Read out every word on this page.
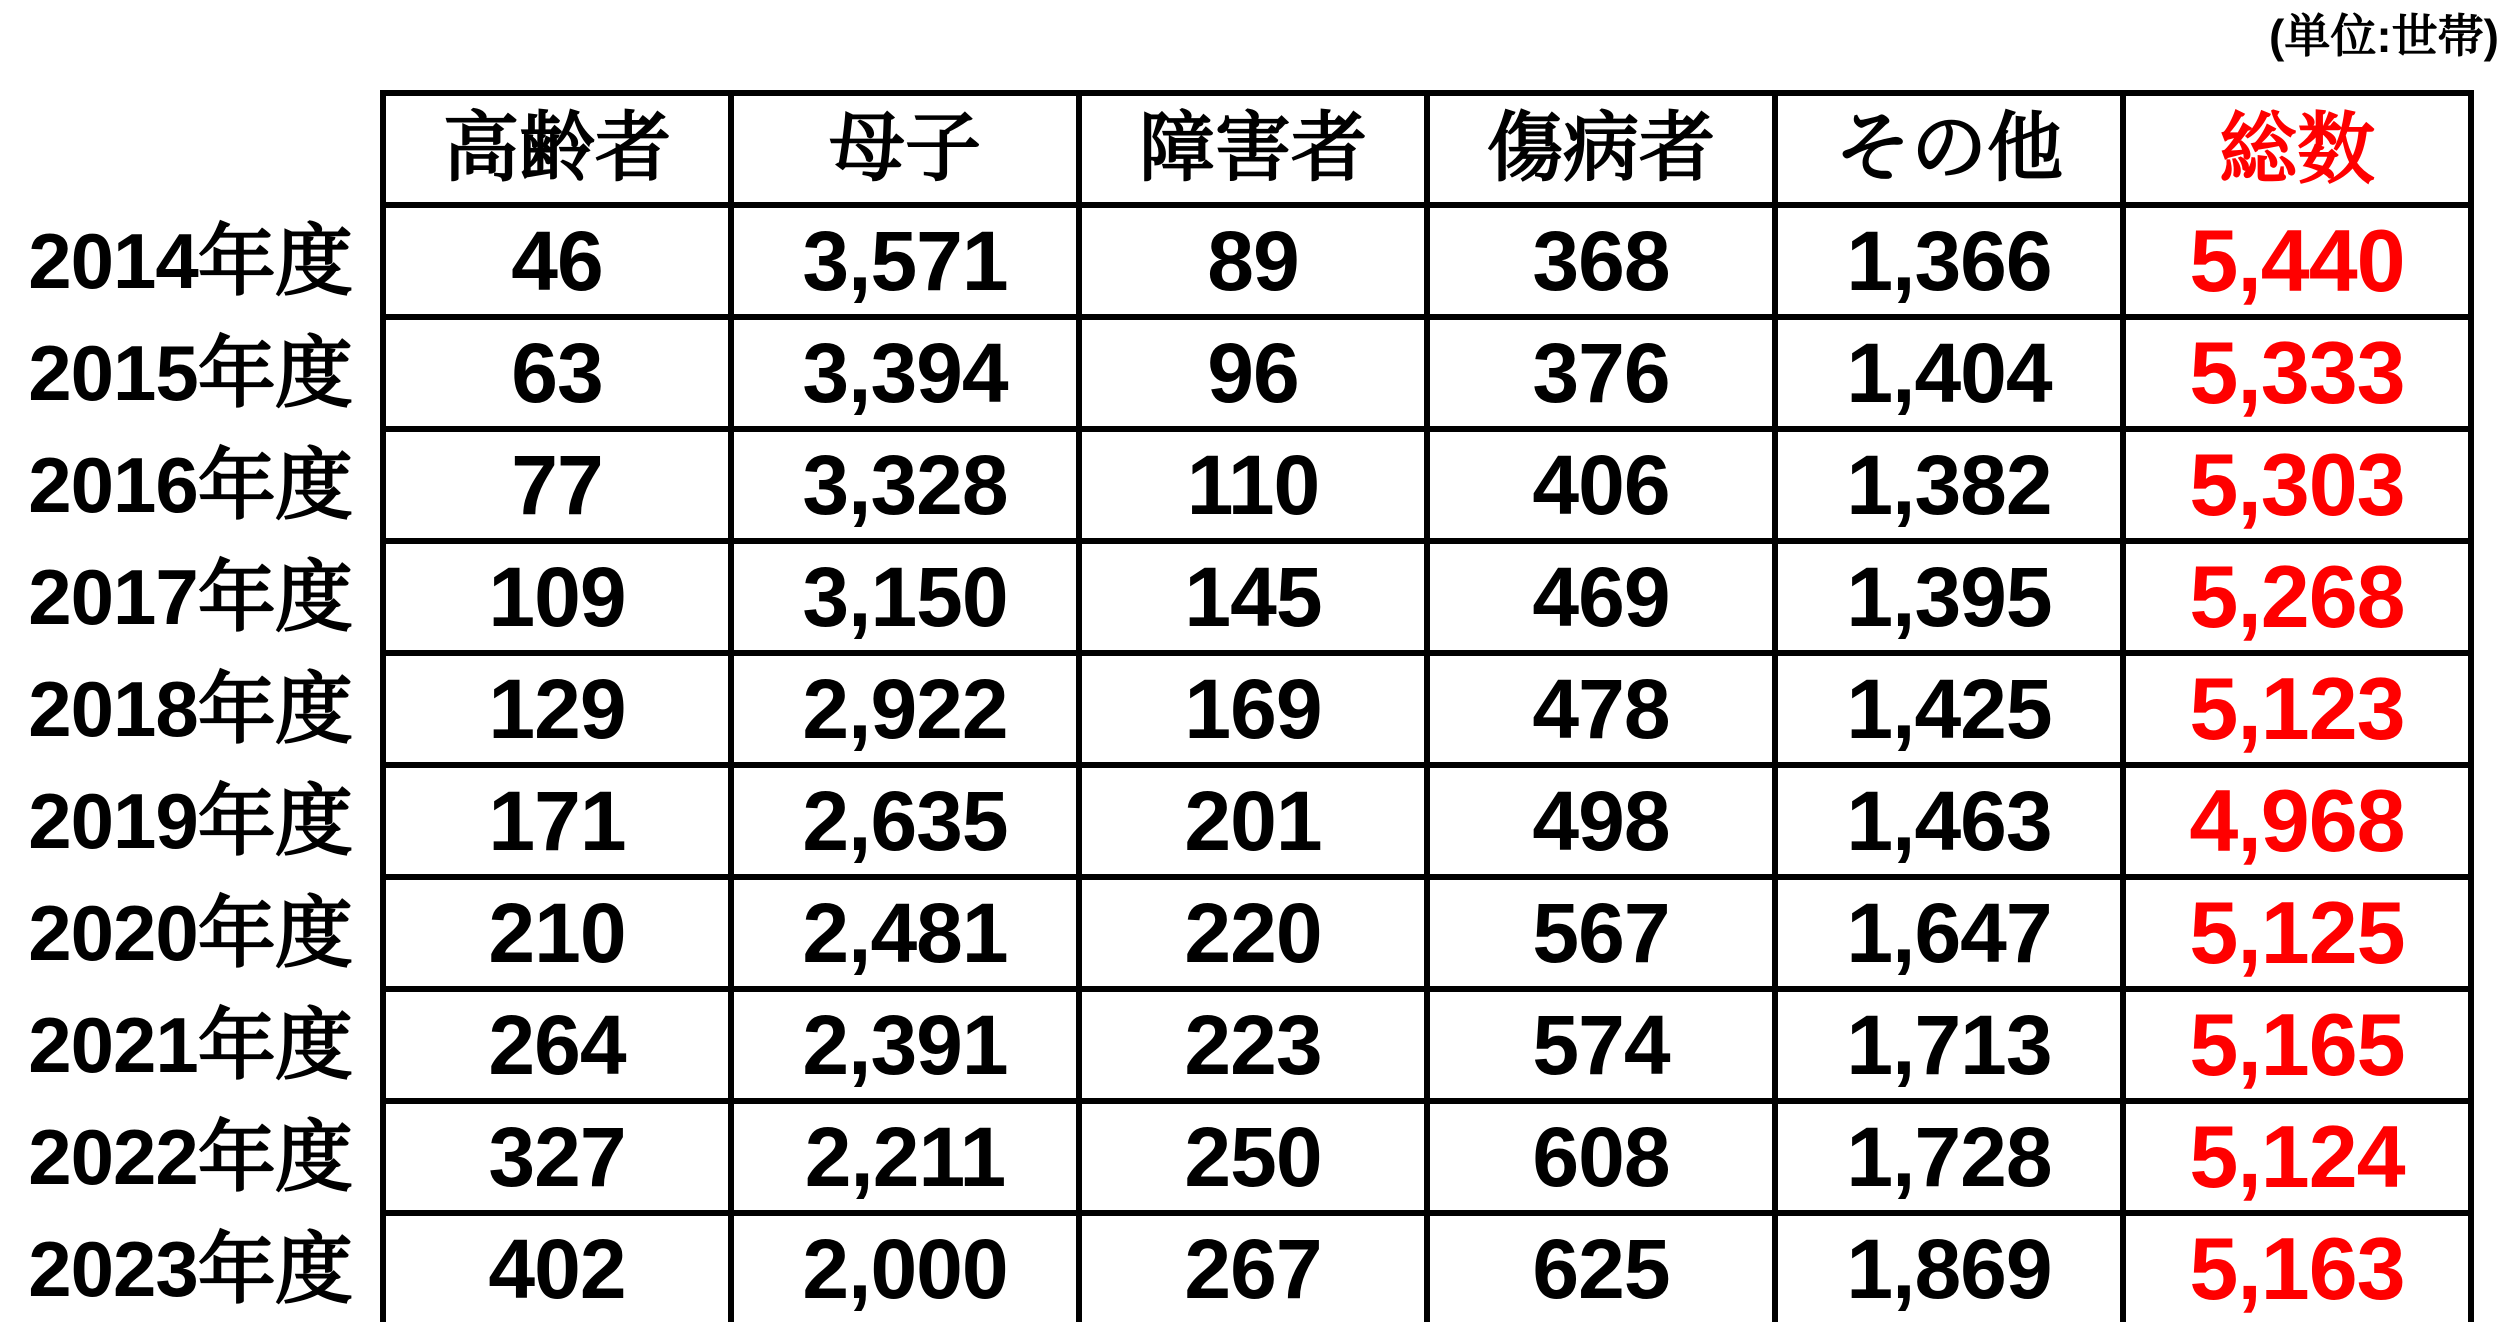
(単位:世帯)
	高齢者	母子	障害者	傷病者	その他	総数
2014年度	46	3,571	89	368	1,366	5,440
2015年度	63	3,394	96	376	1,404	5,333
2016年度	77	3,328	110	406	1,382	5,303
2017年度	109	3,150	145	469	1,395	5,268
2018年度	129	2,922	169	478	1,425	5,123
2019年度	171	2,635	201	498	1,463	4,968
2020年度	210	2,481	220	567	1,647	5,125
2021年度	264	2,391	223	574	1,713	5,165
2022年度	327	2,211	250	608	1,728	5,124
2023年度	402	2,000	267	625	1,869	5,163
